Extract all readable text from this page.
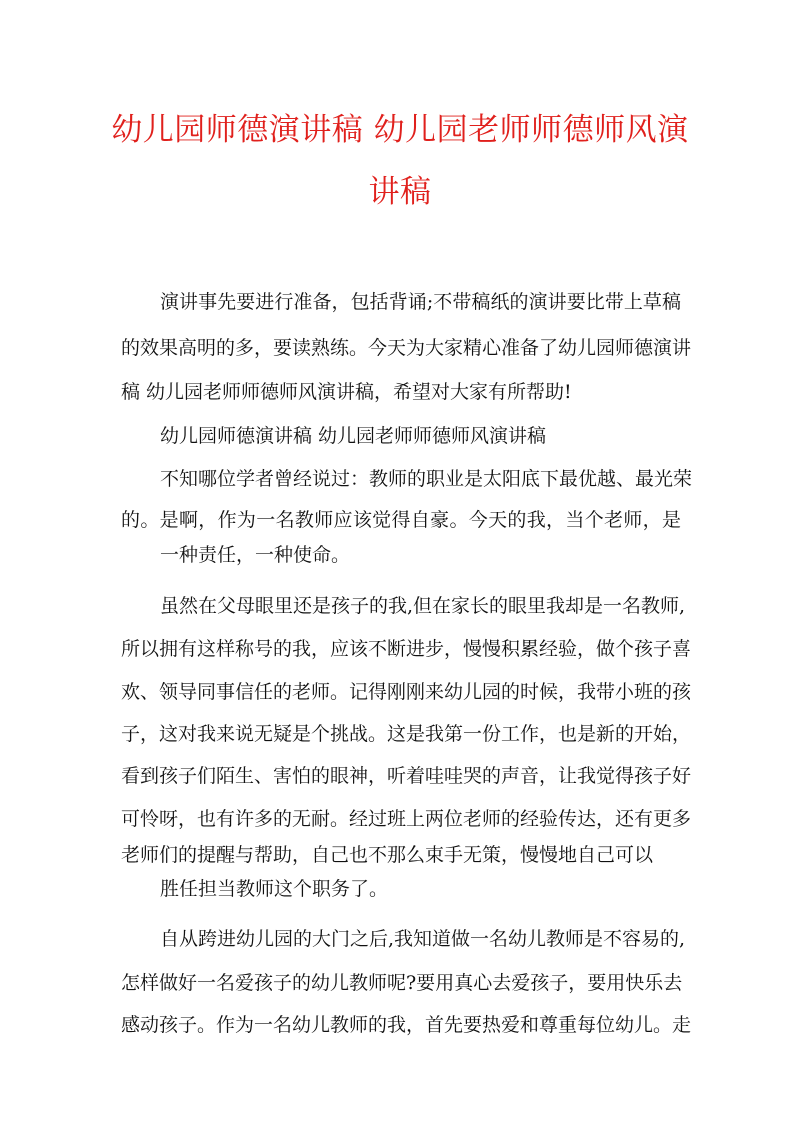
幼儿园师德演讲稿 幼儿园老师师德师风演
讲稿
演讲事先要进行准备，包括背诵;不带稿纸的演讲要比带上草稿
的效果高明的多，要读熟练。今天为大家精心准备了幼儿园师德演讲
稿 幼儿园老师师德师风演讲稿，希望对大家有所帮助!
幼儿园师德演讲稿 幼儿园老师师德师风演讲稿
不知哪位学者曾经说过：教师的职业是太阳底下最优越、最光荣
的。是啊，作为一名教师应该觉得自豪。今天的我，当个老师，是
一种责任，一种使命。
虽然在父母眼里还是孩子的我,但在家长的眼里我却是一名教师,
所以拥有这样称号的我，应该不断进步，慢慢积累经验，做个孩子喜
欢、领导同事信任的老师。记得刚刚来幼儿园的时候，我带小班的孩
子，这对我来说无疑是个挑战。这是我第一份工作，也是新的开始，
看到孩子们陌生、害怕的眼神，听着哇哇哭的声音，让我觉得孩子好
可怜呀，也有许多的无耐。经过班上两位老师的经验传达，还有更多
老师们的提醒与帮助，自己也不那么束手无策，慢慢地自己可以
胜任担当教师这个职务了。
自从跨进幼儿园的大门之后,我知道做一名幼儿教师是不容易的,
怎样做好一名爱孩子的幼儿教师呢?要用真心去爱孩子，要用快乐去
感动孩子。作为一名幼儿教师的我，首先要热爱和尊重每位幼儿。走
